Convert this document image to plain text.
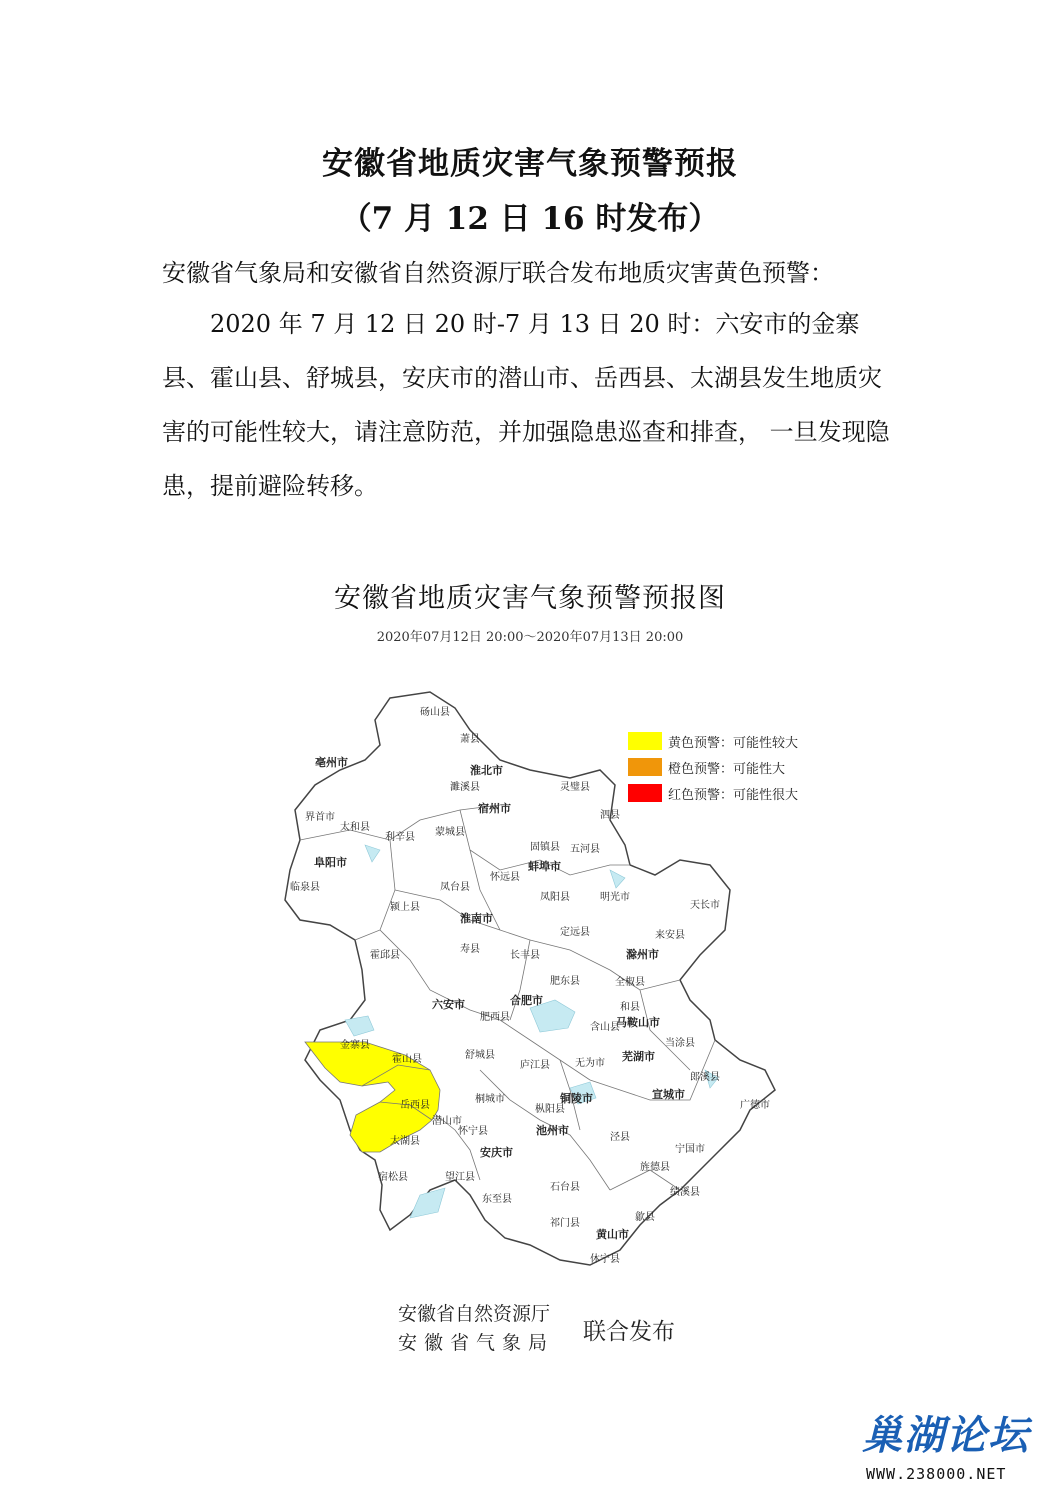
安徽省地质灾害气象预警预报
（7 月 12 日 16 时发布）
安徽省气象局和安徽省自然资源厅联合发布地质灾害黄色预警：
2020 年 7 月 12 日 20 时-7 月 13 日 20 时：六安市的金寨县、霍山县、舒城县，安庆市的潜山市、岳西县、太湖县发生地质灾害的可能性较大，请注意防范，并加强隐患巡查和排查， 一旦发现隐患，提前避险转移。
安徽省地质灾害气象预警预报图
2020年07月12日 20:00～2020年07月13日 20:00
淮北市
宿州市
亳州市
阜阳市	蚌埠市
淮南市
滁州市
六安市	合肥市
马鞍山市
芜湖市
宣城市
铜陵市
池州市
安庆市
黄山市
砀山县
萧县
濉溪县	灵璧县
泗县
利辛县 蒙城县
太和县
界首市
临泉县
颍上县
凤台县
寿县
霍邱县
金寨县
霍山县
岳西县
潜山市
太湖县
宿松县	望江县
舒城县
庐江县	无为市
枞阳县
东至县
石台县
祁门县
休宁县
歙县
绩溪县
旌德县
泾县
广德市
宁国市
郎溪县
当涂县
和县
含山县
全椒县
来安县
天长市
明光市
定远县
凤阳县
五河县
固镇县
怀远县
长丰县
肥东县
肥西县
桐城市
怀宁县
黄色预警：可能性较大
橙色预警：可能性大
红色预警：可能性很大
安徽省自然资源厅
安徽省气象局 联合发布
巢湖论坛
WWW.238000.NET
